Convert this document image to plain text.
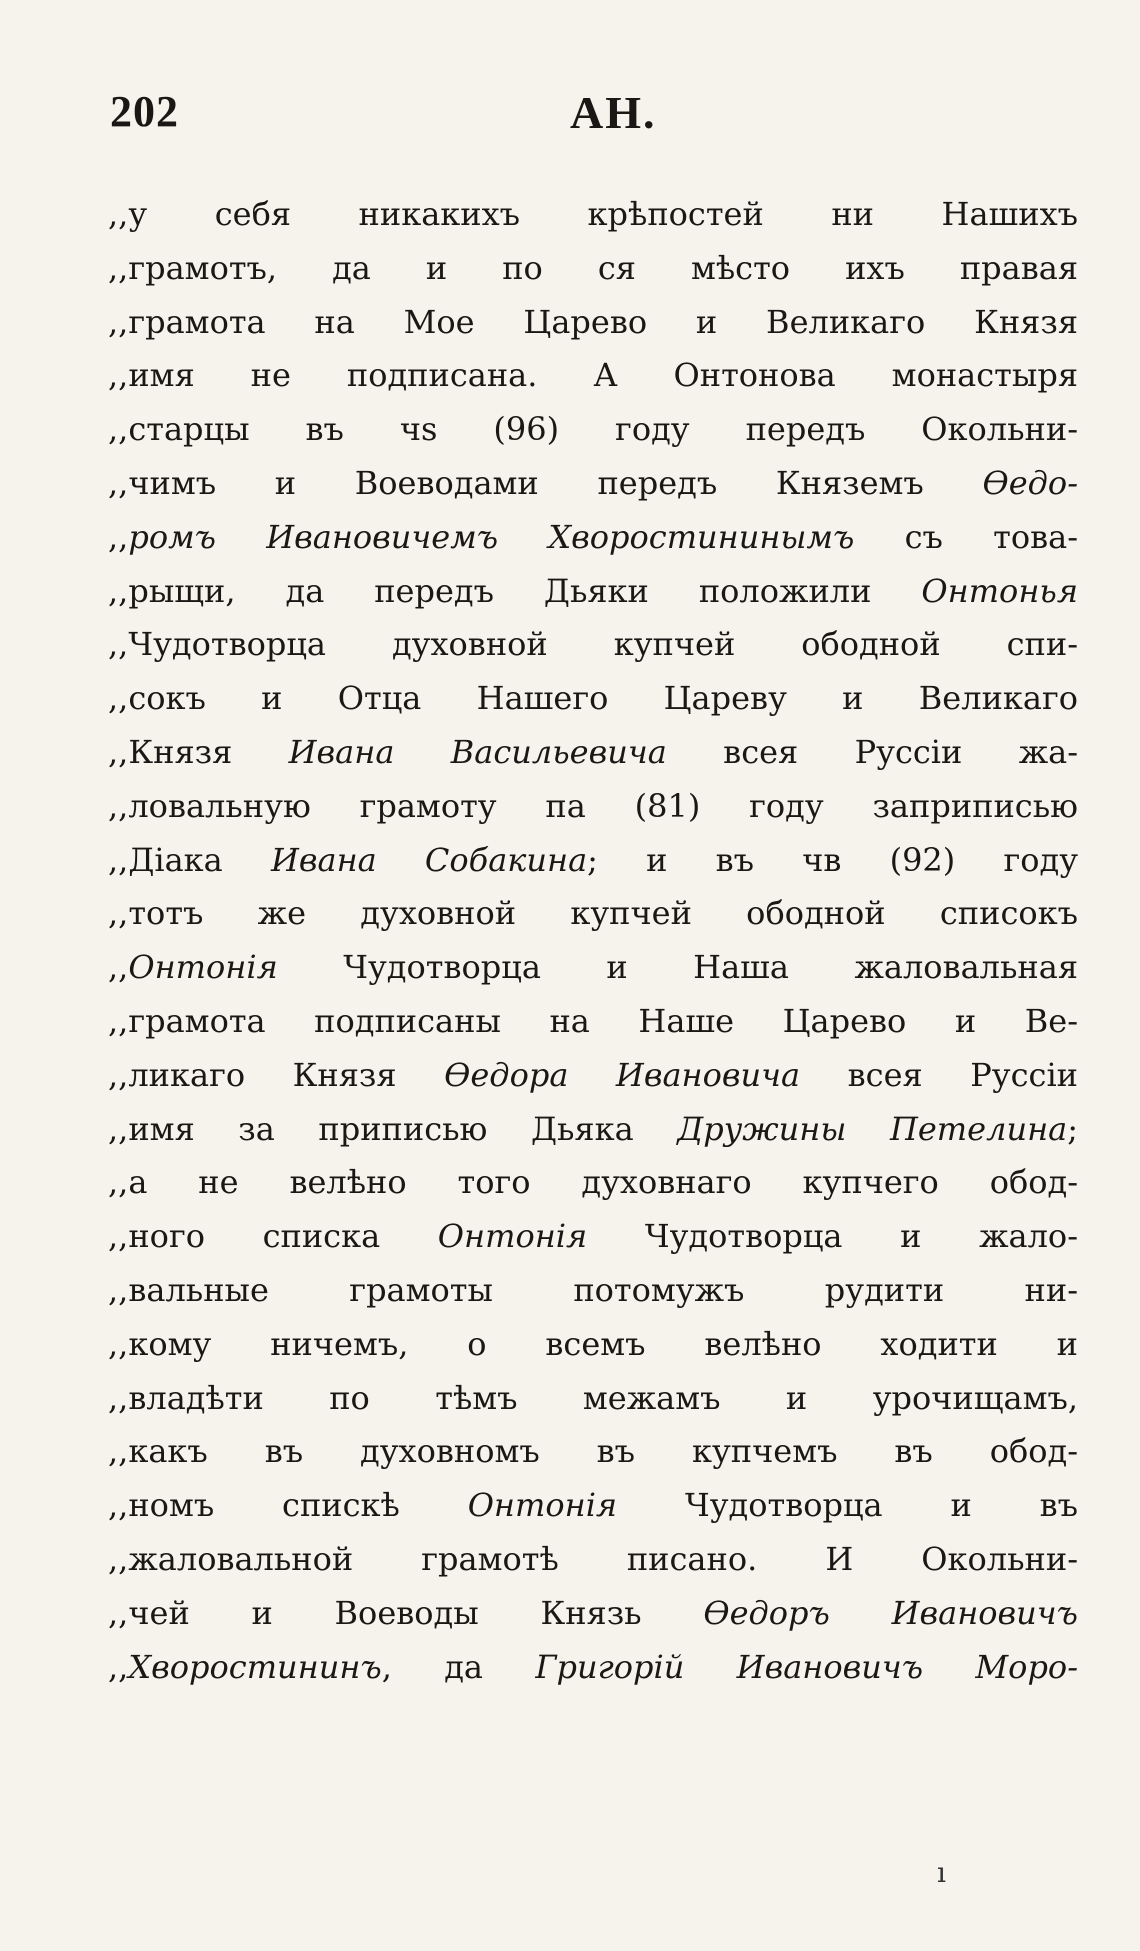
202	АН.
,,у себя никакихъ крѣпостей ни Нашихъ
,,грамотъ, да и по ся мѣсто ихъ правая
,,грамота на Мое Царево и Великаго Князя
,,имя не подписана. А Онтонова монастыря
,,старцы въ чѕ (96) году передъ Окольни-
,,чимъ и Воеводами передъ Княземъ Ѳедо-
,,ромъ Ивановичемъ Хворостининымъ съ това-
,,рыщи, да передъ Дьяки положили Онтонья
,,Чудотворца духовной купчей ободной спи-
,,сокъ и Отца Нашего Цареву и Великаго
,,Князя Ивана Васильевича всея Руссiи жа-
,,ловальную грамоту па (81) году заприписью
,,Дiака Ивана Собакина; и въ чв (92) году
,,тотъ же духовной купчей ободной списокъ
,,Онтонiя Чудотворца и Наша жаловальная
,,грамота подписаны на Наше Царево и Ве-
,,ликаго Князя Ѳедора Ивановича всея Руссiи
,,имя за приписью Дьяка Дружины Петелина;
,,а не велѣно того духовнаго купчего обод-
,,ного списка Онтонiя Чудотворца и жало-
,,вальные грамоты потомужъ рудити ни-
,,кому ничемъ, о всемъ велѣно ходити и
,,владѣти по тѣмъ межамъ и урочищамъ,
,,какъ въ духовномъ въ купчемъ въ обод-
,,номъ спискѣ Онтонiя Чудотворца и въ
,,жаловальной грамотѣ писано. И Окольни-
,,чей и Воеводы Князь Ѳедоръ Ивановичъ
,,Хворостининъ, да Григорiй Ивановичъ Моро-
ı
